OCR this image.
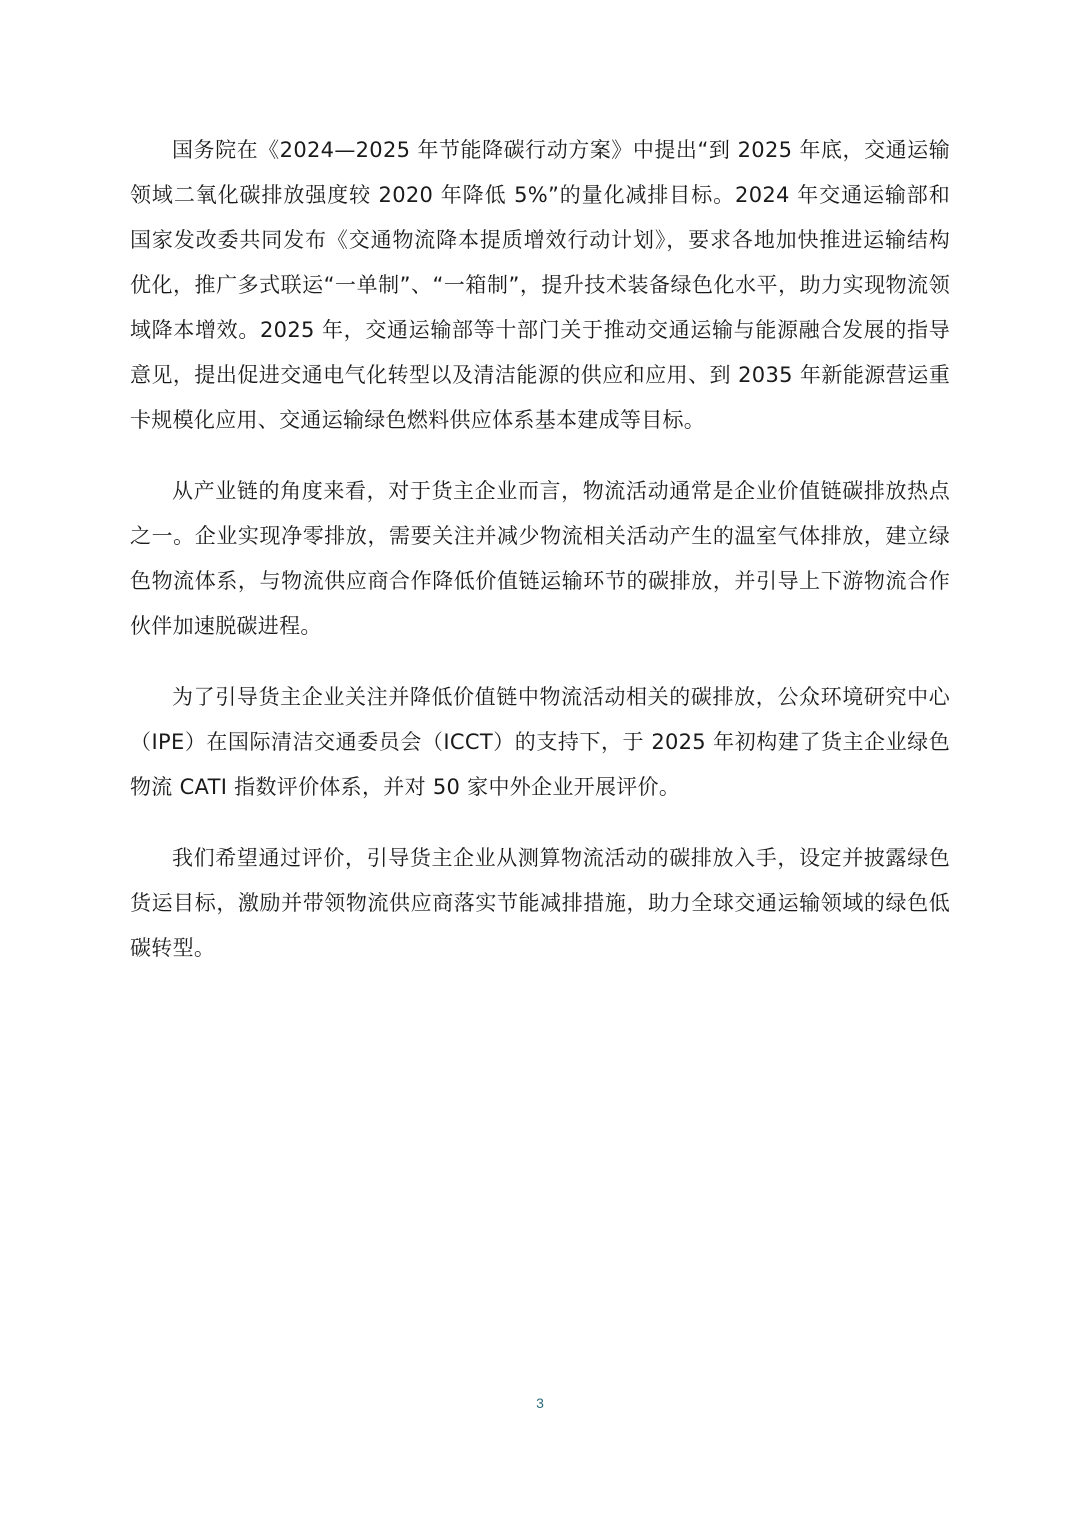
国务院在《2024—2025 年节能降碳行动方案》中提出“到 2025 年底，交通运输领域二氧化碳排放强度较 2020 年降低 5%”的量化减排目标。2024 年交通运输部和国家发改委共同发布《交通物流降本提质增效行动计划》，要求各地加快推进运输结构优化，推广多式联运“一单制”、“一箱制”，提升技术装备绿色化水平，助力实现物流领域降本增效。2025 年，交通运输部等十部门关于推动交通运输与能源融合发展的指导意见，提出促进交通电气化转型以及清洁能源的供应和应用、到 2035 年新能源营运重卡规模化应用、交通运输绿色燃料供应体系基本建成等目标。

从产业链的角度来看，对于货主企业而言，物流活动通常是企业价值链碳排放热点之一。企业实现净零排放，需要关注并减少物流相关活动产生的温室气体排放，建立绿色物流体系，与物流供应商合作降低价值链运输环节的碳排放，并引导上下游物流合作伙伴加速脱碳进程。

为了引导货主企业关注并降低价值链中物流活动相关的碳排放，公众环境研究中心（IPE）在国际清洁交通委员会（ICCT）的支持下，于 2025 年初构建了货主企业绿色物流 CATI 指数评价体系，并对 50 家中外企业开展评价。

我们希望通过评价，引导货主企业从测算物流活动的碳排放入手，设定并披露绿色货运目标，激励并带领物流供应商落实节能减排措施，助力全球交通运输领域的绿色低碳转型。

3
